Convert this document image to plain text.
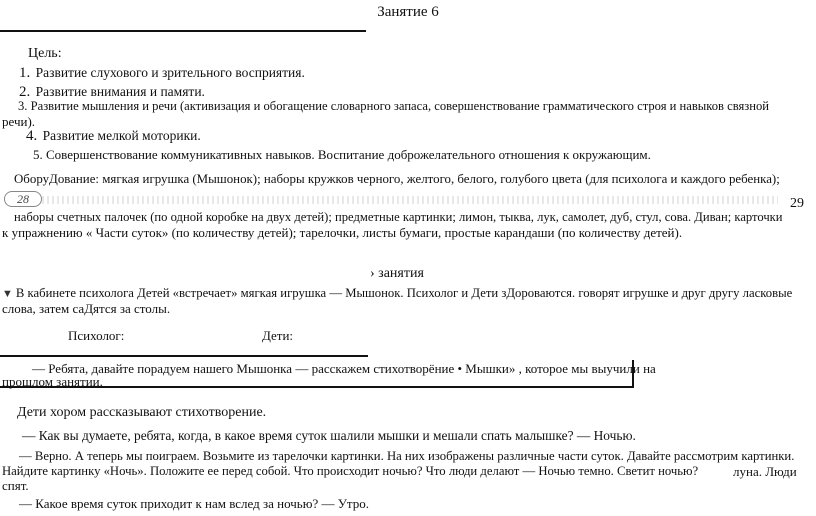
Занятие 6
Цель:
1. Развитие слухового и зрительного восприятия.
2. Развитие внимания и памяти.
3. Развитие мышления и речи (активизация и обогащение словарного запаса, совершенствование грамматического строя и навыков связной
речи).
4. Развитие мелкой моторики.
5. Совершенствование коммуникативных навыков. Воспитание доброжелательного отношения к окружающим.
ОборуДование: мягкая игрушка (Мышонок); наборы кружков черного, желтого, белого, голубого цвета (для психолога и каждого ребенка);
28	29
наборы счетных палочек (по одной коробке на двух детей); предметные картинки; лимон, тыква, лук, самолет, дуб, стул, сова. Диван; карточки
к упражнению « Части суток» (по количеству детей); тарелочки, листы бумаги, простые карандаши (по количеству детей).
› занятия
▼ В кабинете психолога Детей «встречает» мягкая игрушка — Мышонок. Психолог и Дети зДороваются. говорят игрушке и друг другу ласковые
слова, затем саДятся за столы.
Психолог:	Дети:
— Ребята, давайте порадуем нашего Мышонка — расскажем стихотворёние • Мышки» , которое мы выучили на
прошлом занятии.
Дети хором рассказывают стихотворение.
— Как вы думаете, ребята, когда, в какое время суток шалили мышки и мешали спать малышке? — Ночью.
— Верно. А теперь мы поиграем. Возьмите из тарелочки картинки. На них изображены различные части суток. Давайте рассмотрим картинки.
Найдите картинку «Ночь». Положите ее перед собой. Что происходит ночью? Что люди делают — Ночью темно. Светит ночью?	луна. Люди
спят.
— Какое время суток приходит к нам вслед за ночью? — Утро.
